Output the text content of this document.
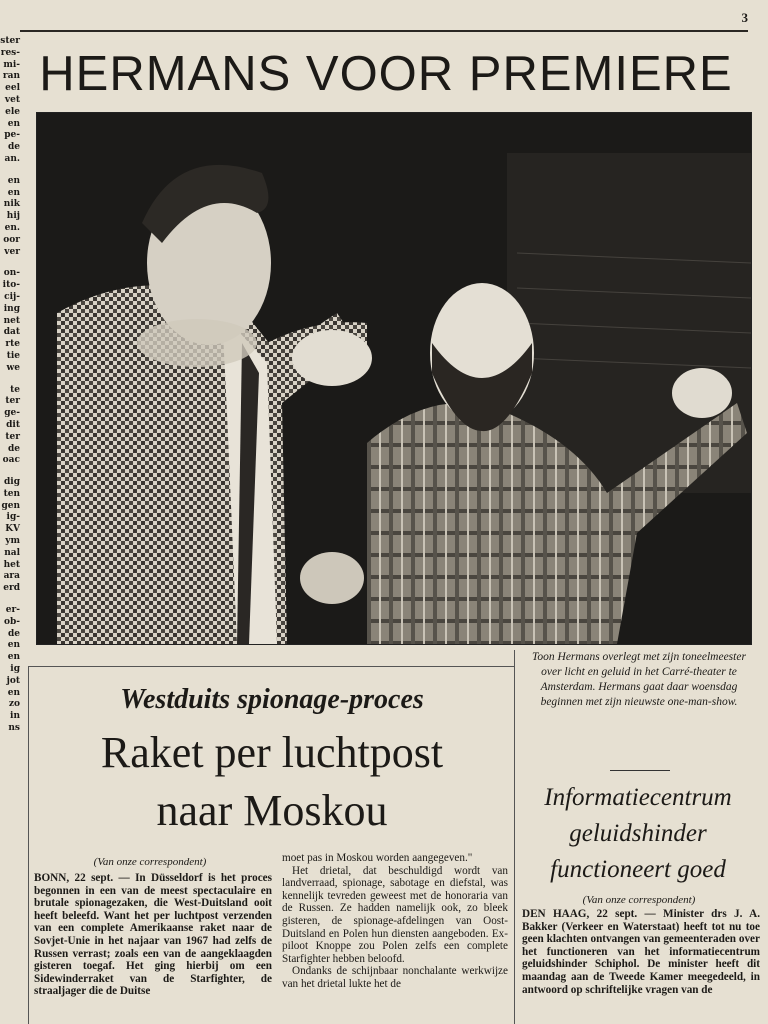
3
ster
res-
mi-
ran
eel
vet
ele
en
pe-
de
an.
en
en
nik
hij
en.
oor
ver
on-
ito-
cij-
ing
net
dat
rte
tie
we
te
ter
ge-
dit
ter
de
oac
dig
ten
gen
ig-
KV
ym
nal
het
ara
erd
er-
ob-
de
en
en
ig
jot
en
zo
in
ns
HERMANS VOOR PREMIERE
Toon Hermans overlegt met zijn toneelmeester over licht en geluid in het Carré-theater te Amsterdam. Hermans gaat daar woensdag beginnen met zijn nieuwste one-man-show.
Westduits spionage-proces
Raket per luchtpost
naar Moskou
(Van onze correspondent)

BONN, 22 sept. — In Düsseldorf is het proces begonnen in een van de meest spectaculaire en brutale spionagezaken, die West-Duitsland ooit heeft beleefd. Want het per luchtpost verzenden van een complete Amerikaanse raket naar de Sovjet-Unie in het najaar van 1967 had zelfs de Russen verrast; zoals een van de aangeklaagden gisteren toegaf. Het ging hierbij om een Sidewinderraket van de Starfighter, de straaljager die de Duitse

moet pas in Moskou worden aangegeven."

Het drietal, dat beschuldigd wordt van landverraad, spionage, sabotage en diefstal, was kennelijk tevreden geweest met de honoraria van de Russen. Ze hadden namelijk ook, zo bleek gisteren, de spionage-afdelingen van Oost-Duitsland en Polen hun diensten aangeboden. Ex-piloot Knoppe zou Polen zelfs een complete Starfighter hebben beloofd.

Ondanks de schijnbaar nonchalante werkwijze van het drietal lukte het de

Informatiecentrum geluidshinder functioneert goed
(Van onze correspondent)

DEN HAAG, 22 sept. — Minister drs J. A. Bakker (Verkeer en Waterstaat) heeft tot nu toe geen klachten ontvangen van gemeenteraden over het functioneren van het informatiecentrum geluidshinder Schiphol. De minister heeft dit maandag aan de Tweede Kamer meegedeeld, in antwoord op schriftelijke vragen van de
